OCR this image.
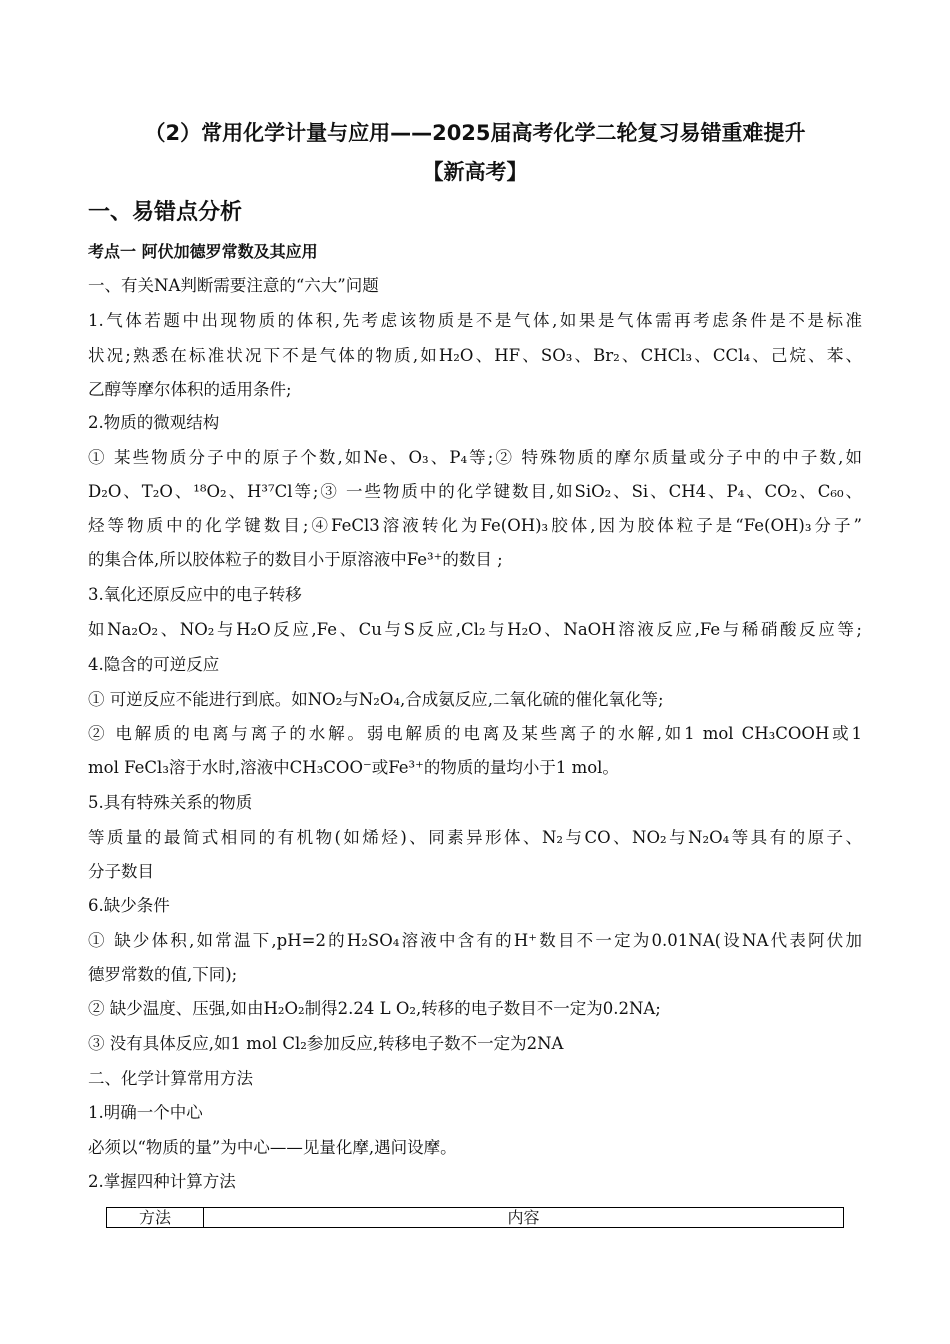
（2）常用化学计量与应用——2025届高考化学二轮复习易错重难提升
【新高考】
一、易错点分析
考点一 阿伏加德罗常数及其应用
一、有关NA判断需要注意的“六大”问题
1.气体若题中出现物质的体积,先考虑该物质是不是气体,如果是气体需再考虑条件是不是标准
状况;熟悉在标准状况下不是气体的物质,如H₂O、HF、SO₃、Br₂、CHCl₃、CCl₄、己烷、苯、
乙醇等摩尔体积的适用条件;
2.物质的微观结构
① 某些物质分子中的原子个数,如Ne、O₃、P₄等;② 特殊物质的摩尔质量或分子中的中子数,如
D₂O、T₂O、¹⁸O₂、H³⁷Cl等;③ 一些物质中的化学键数目,如SiO₂、Si、CH4、P₄、CO₂、C₆₀、
烃等物质中的化学键数目;④FeCl3溶液转化为Fe(OH)₃胶体,因为胶体粒子是“Fe(OH)₃分子”
的集合体,所以胶体粒子的数目小于原溶液中Fe³⁺的数目 ;
3.氧化还原反应中的电子转移
如Na₂O₂、NO₂与H₂O反应,Fe、Cu与S反应,Cl₂与H₂O、NaOH溶液反应,Fe与稀硝酸反应等;
4.隐含的可逆反应
① 可逆反应不能进行到底。如NO₂与N₂O₄,合成氨反应,二氧化硫的催化氧化等;
② 电解质的电离与离子的水解。弱电解质的电离及某些离子的水解,如1 mol CH₃COOH或1
mol FeCl₃溶于水时,溶液中CH₃COO⁻或Fe³⁺的物质的量均小于1 mol。
5.具有特殊关系的物质
等质量的最简式相同的有机物(如烯烃)、同素异形体、N₂与CO、NO₂与N₂O₄等具有的原子、
分子数目
6.缺少条件
① 缺少体积,如常温下,pH=2的H₂SO₄溶液中含有的H⁺数目不一定为0.01NA(设NA代表阿伏加
德罗常数的值,下同);
② 缺少温度、压强,如由H₂O₂制得2.24 L O₂,转移的电子数目不一定为0.2NA;
③ 没有具体反应,如1 mol Cl₂参加反应,转移电子数不一定为2NA
二、化学计算常用方法
1.明确一个中心
必须以“物质的量”为中心——见量化摩,遇问设摩。
2.掌握四种计算方法
方法	内容
